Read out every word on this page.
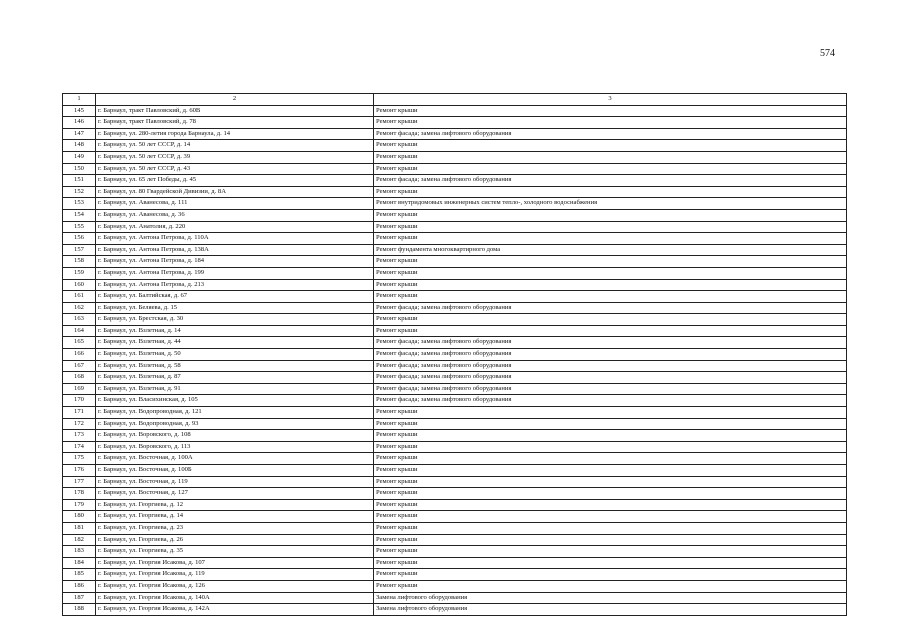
574
1	2	3
145	г. Барнаул, тракт Павловский, д. 60В	Ремонт крыши
146	г. Барнаул, тракт Павловский, д. 78	Ремонт крыши
147	г. Барнаул, ул. 280-летия города Барнаула, д. 14	Ремонт фасада; замена лифтового оборудования
148	г. Барнаул, ул. 50 лет СССР, д. 14	Ремонт крыши
149	г. Барнаул, ул. 50 лет СССР, д. 39	Ремонт крыши
150	г. Барнаул, ул. 50 лет СССР, д. 43	Ремонт крыши
151	г. Барнаул, ул. 65 лет Победы, д. 45	Ремонт фасада; замена лифтового оборудования
152	г. Барнаул, ул. 80 Гвардейской Дивизии, д. 8А	Ремонт крыши
153	г. Барнаул, ул. Аванесова, д. 111	Ремонт внутридомовых инженерных систем тепло-, холодного водоснабжения
154	г. Барнаул, ул. Аванесова, д. 36	Ремонт крыши
155	г. Барнаул, ул. Анатолия, д. 220	Ремонт крыши
156	г. Барнаул, ул. Антона Петрова, д. 110А	Ремонт крыши
157	г. Барнаул, ул. Антона Петрова, д. 138А	Ремонт фундамента многоквартирного дома
158	г. Барнаул, ул. Антона Петрова, д. 184	Ремонт крыши
159	г. Барнаул, ул. Антона Петрова, д. 199	Ремонт крыши
160	г. Барнаул, ул. Антона Петрова, д. 213	Ремонт крыши
161	г. Барнаул, ул. Балтийская, д. 67	Ремонт крыши
162	г. Барнаул, ул. Беляева, д. 15	Ремонт фасада; замена лифтового оборудования
163	г. Барнаул, ул. Брестская, д. 30	Ремонт крыши
164	г. Барнаул, ул. Взлетная, д. 14	Ремонт крыши
165	г. Барнаул, ул. Взлетная, д. 44	Ремонт фасада; замена лифтового оборудования
166	г. Барнаул, ул. Взлетная, д. 50	Ремонт фасада; замена лифтового оборудования
167	г. Барнаул, ул. Взлетная, д. 58	Ремонт фасада; замена лифтового оборудования
168	г. Барнаул, ул. Взлетная, д. 87	Ремонт фасада; замена лифтового оборудования
169	г. Барнаул, ул. Взлетная, д. 91	Ремонт фасада; замена лифтового оборудования
170	г. Барнаул, ул. Власихинская, д. 105	Ремонт фасада; замена лифтового оборудования
171	г. Барнаул, ул. Водопроводная, д. 121	Ремонт крыши
172	г. Барнаул, ул. Водопроводная, д. 93	Ремонт крыши
173	г. Барнаул, ул. Воровского, д. 108	Ремонт крыши
174	г. Барнаул, ул. Воровского, д. 113	Ремонт крыши
175	г. Барнаул, ул. Восточная, д. 100А	Ремонт крыши
176	г. Барнаул, ул. Восточная, д. 100Б	Ремонт крыши
177	г. Барнаул, ул. Восточная, д. 119	Ремонт крыши
178	г. Барнаул, ул. Восточная, д. 127	Ремонт крыши
179	г. Барнаул, ул. Георгиева, д. 12	Ремонт крыши
180	г. Барнаул, ул. Георгиева, д. 14	Ремонт крыши
181	г. Барнаул, ул. Георгиева, д. 23	Ремонт крыши
182	г. Барнаул, ул. Георгиева, д. 26	Ремонт крыши
183	г. Барнаул, ул. Георгиева, д. 35	Ремонт крыши
184	г. Барнаул, ул. Георгия Исакова, д. 107	Ремонт крыши
185	г. Барнаул, ул. Георгия Исакова, д. 119	Ремонт крыши
186	г. Барнаул, ул. Георгия Исакова, д. 126	Ремонт крыши
187	г. Барнаул, ул. Георгия Исакова, д. 140А	Замена лифтового оборудования
188	г. Барнаул, ул. Георгия Исакова, д. 142А	Замена лифтового оборудования
